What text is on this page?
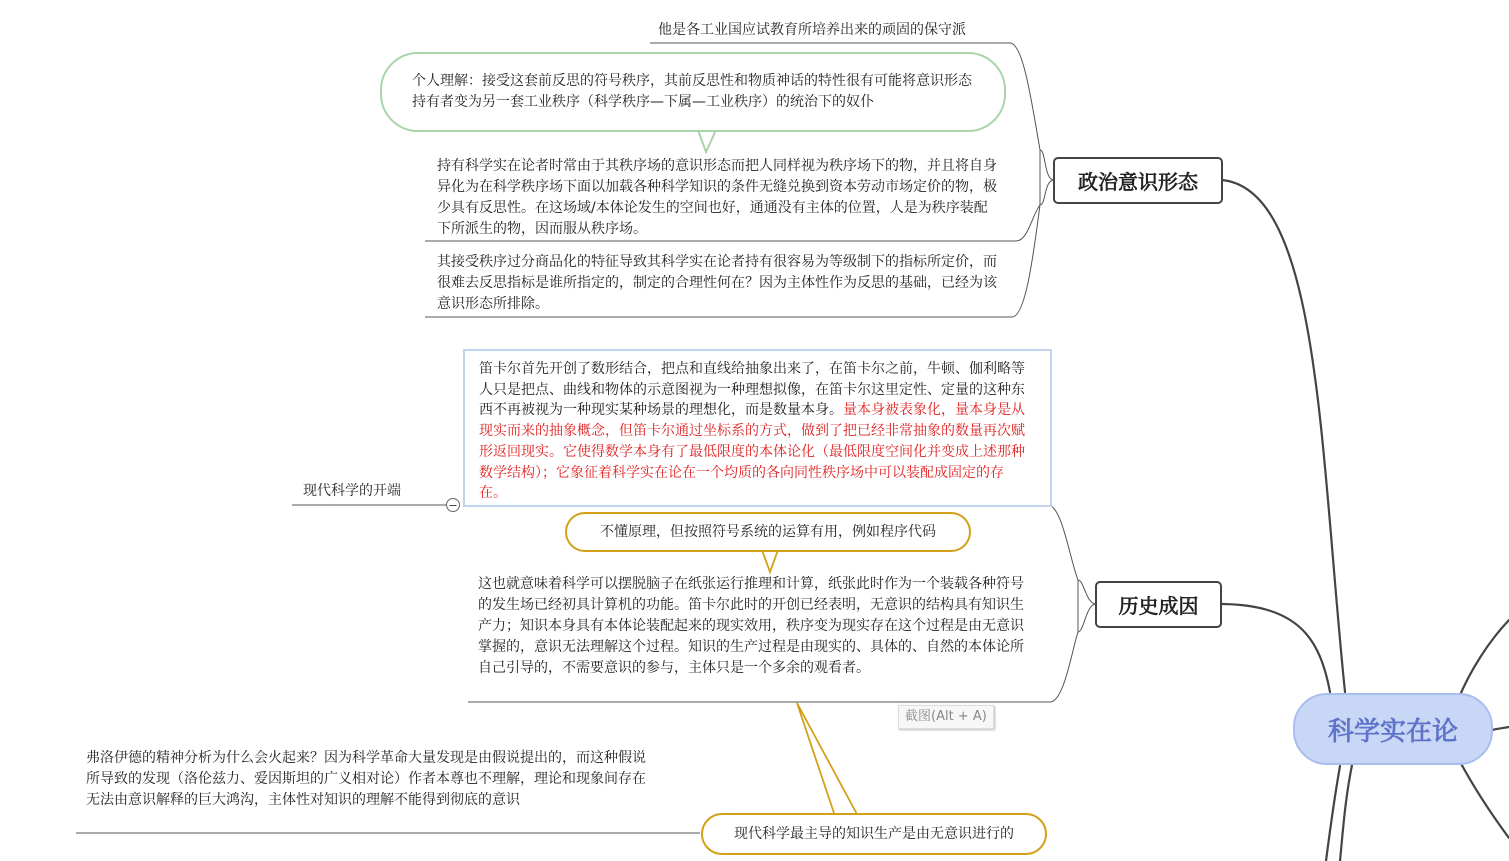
他是各工业国应试教育所培养出来的顽固的保守派
个人理解：接受这套前反思的符号秩序，其前反思性和物质神话的特性很有可能将意识形态持有者变为另一套工业秩序（科学秩序—下属—工业秩序）的统治下的奴仆
持有科学实在论者时常由于其秩序场的意识形态而把人同样视为秩序场下的物，并且将自身异化为在科学秩序场下面以加载各种科学知识的条件无缝兑换到资本劳动市场定价的物，极少具有反思性。在这场域/本体论发生的空间也好，通通没有主体的位置，人是为秩序装配下所派生的物，因而服从秩序场。
其接受秩序过分商品化的特征导致其科学实在论者持有很容易为等级制下的指标所定价，而很难去反思指标是谁所指定的，制定的合理性何在？因为主体性作为反思的基础，已经为该意识形态所排除。
政治意识形态
笛卡尔首先开创了数形结合，把点和直线给抽象出来了，在笛卡尔之前，牛顿、伽利略等人只是把点、曲线和物体的示意图视为一种理想拟像，在笛卡尔这里定性、定量的这种东西不再被视为一种现实某种场景的理想化，而是数量本身。量本身被表象化，量本身是从现实而来的抽象概念，但笛卡尔通过坐标系的方式，做到了把已经非常抽象的数量再次赋形返回现实。它使得数学本身有了最低限度的本体论化（最低限度空间化并变成上述那种数学结构）；它象征着科学实在论在一个均质的各向同性秩序场中可以装配成固定的存在。
现代科学的开端
−
不懂原理，但按照符号系统的运算有用，例如程序代码
这也就意味着科学可以摆脱脑子在纸张运行推理和计算，纸张此时作为一个装载各种符号的发生场已经初具计算机的功能。笛卡尔此时的开创已经表明，无意识的结构具有知识生产力；知识本身具有本体论装配起来的现实效用，秩序变为现实存在这个过程是由无意识掌握的，意识无法理解这个过程。知识的生产过程是由现实的、具体的、自然的本体论所自己引导的，不需要意识的参与，主体只是一个多余的观看者。
历史成因
截图(Alt + A)	科学实在论
弗洛伊德的精神分析为什么会火起来？因为科学革命大量发现是由假说提出的，而这种假说所导致的发现（洛伦兹力、爱因斯坦的广义相对论）作者本尊也不理解，理论和现象间存在无法由意识解释的巨大鸿沟，主体性对知识的理解不能得到彻底的意识
现代科学最主导的知识生产是由无意识进行的
